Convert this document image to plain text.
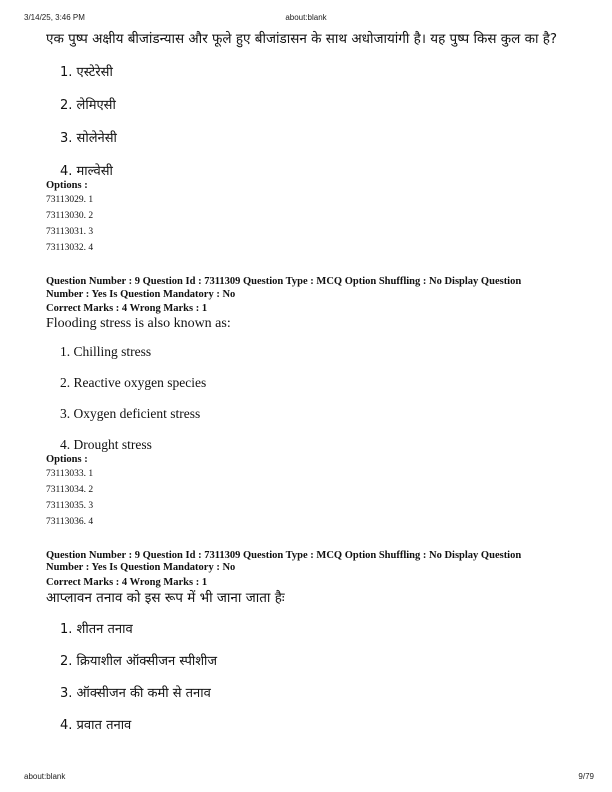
3/14/25, 3:46 PM	about:blank

एक पुष्प अक्षीय बीजांडन्यास और फूले हुए बीजांडासन के साथ अधोजायांगी है। यह पुष्प किस कुल का है?

1. एस्टेरेसी
2. लेमिएसी
3. सोलेनेसी
4. माल्वेसी

Options :

73113029. 1
73113030. 2
73113031. 3
73113032. 4

Question Number : 9 Question Id : 7311309 Question Type : MCQ Option Shuffling : No Display Question

Number : Yes Is Question Mandatory : No

Correct Marks : 4 Wrong Marks : 1

Flooding stress is also known as:

1. Chilling stress
2. Reactive oxygen species
3. Oxygen deficient stress
4. Drought stress

Options :

73113033. 1
73113034. 2
73113035. 3
73113036. 4

Question Number : 9 Question Id : 7311309 Question Type : MCQ Option Shuffling : No Display Question

Number : Yes Is Question Mandatory : No

Correct Marks : 4 Wrong Marks : 1

आप्लावन तनाव को इस रूप में भी जाना जाता हैः

1. शीतन तनाव
2. क्रियाशील ऑक्सीजन स्पीशीज
3. ऑक्सीजन की कमी से तनाव
4. प्रवात तनाव
about:blank	9/79
